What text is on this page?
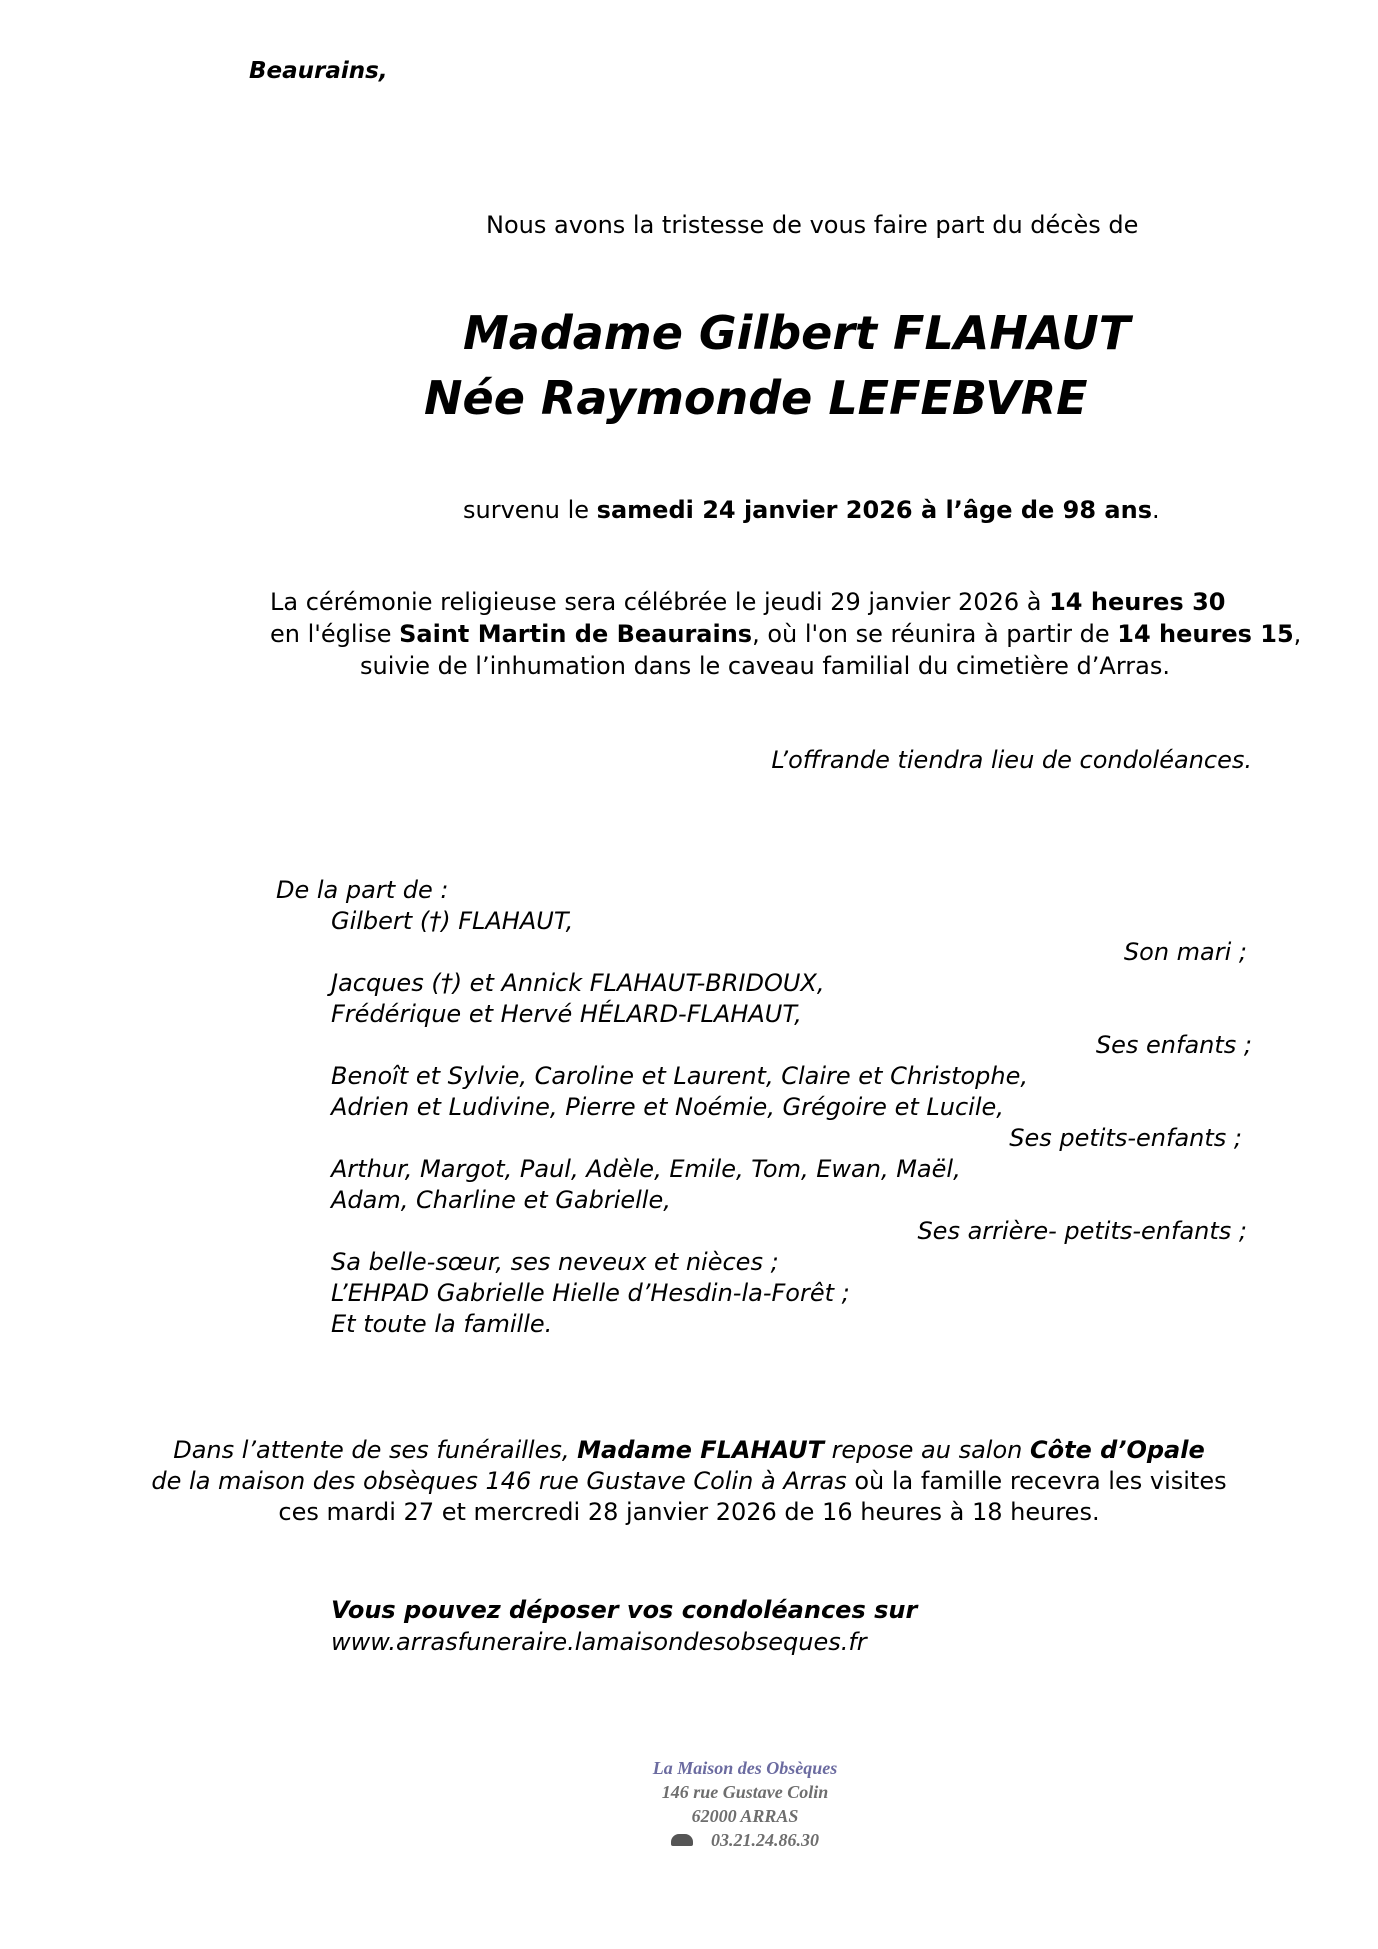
Beaurains,
Nous avons la tristesse de vous faire part du décès de
Madame Gilbert FLAHAUT
Née Raymonde LEFEBVRE
survenu le samedi 24 janvier 2026 à l’âge de 98 ans.
La cérémonie religieuse sera célébrée le jeudi 29 janvier 2026 à 14 heures 30
en l'église Saint Martin de Beaurains, où l'on se réunira à partir de 14 heures 15,
suivie de l’inhumation dans le caveau familial du cimetière d’Arras.
L’offrande tiendra lieu de condoléances.
De la part de :
Gilbert (†) FLAHAUT,
Son mari ;
Jacques (†) et Annick FLAHAUT-BRIDOUX,
Frédérique et Hervé HÉLARD-FLAHAUT,
Ses enfants ;
Benoît et Sylvie, Caroline et Laurent, Claire et Christophe,
Adrien et Ludivine, Pierre et Noémie, Grégoire et Lucile,
Ses petits-enfants ;
Arthur, Margot, Paul, Adèle, Emile, Tom, Ewan, Maël,
Adam, Charline et Gabrielle,
Ses arrière- petits-enfants ;
Sa belle-sœur, ses neveux et nièces ;
L’EHPAD Gabrielle Hielle d’Hesdin-la-Forêt ;
Et toute la famille.
Dans l’attente de ses funérailles, Madame FLAHAUT repose au salon Côte d’Opale
de la maison des obsèques 146 rue Gustave Colin à Arras où la famille recevra les visites
ces mardi 27 et mercredi 28 janvier 2026 de 16 heures à 18 heures.
Vous pouvez déposer vos condoléances sur
www.arrasfuneraire.lamaisondesobseques.fr
La Maison des Obsèques
146 rue Gustave Colin
62000 ARRAS
03.21.24.86.30
